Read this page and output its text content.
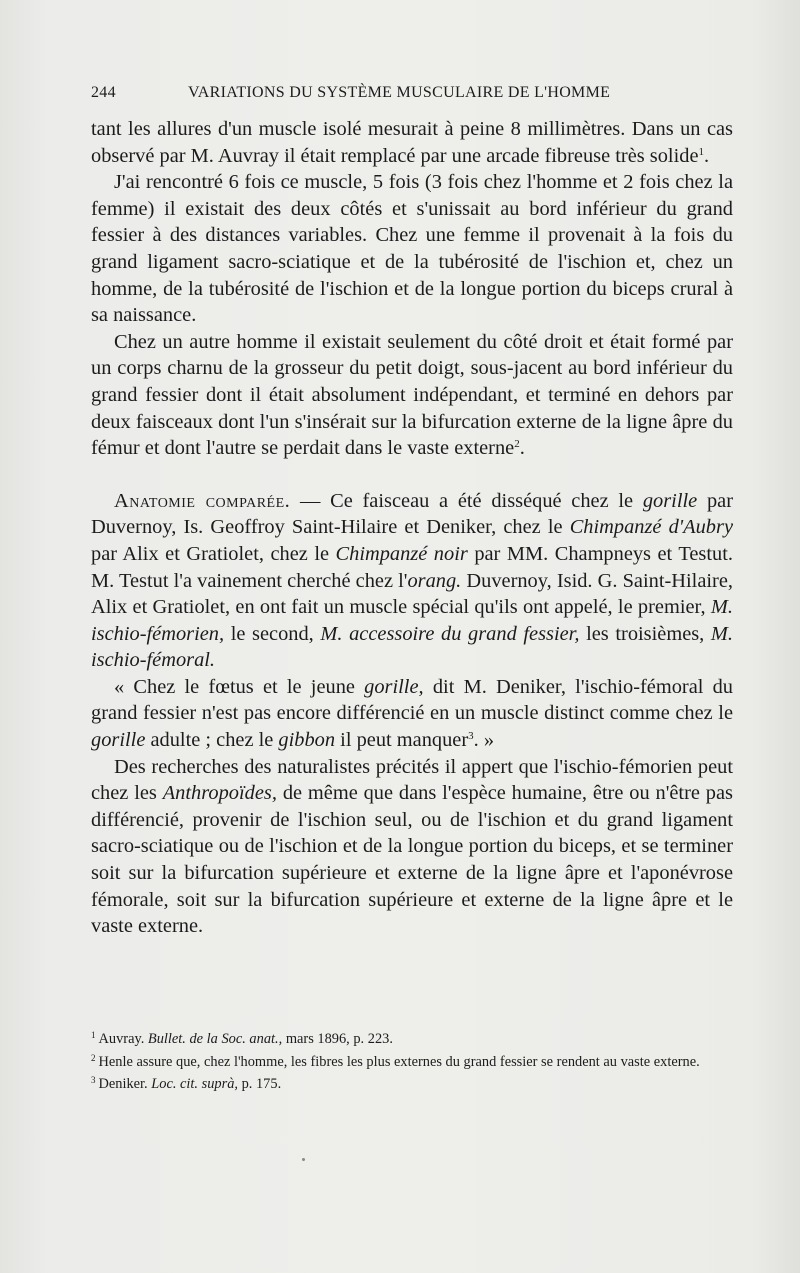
244	VARIATIONS DU SYSTÈME MUSCULAIRE DE L'HOMME

tant les allures d'un muscle isolé mesurait à peine 8 millimètres. Dans un cas observé par M. Auvray il était remplacé par une arcade fibreuse très solide$^1$.

J'ai rencontré 6 fois ce muscle, 5 fois (3 fois chez l'homme et 2 fois chez la femme) il existait des deux côtés et s'unissait au bord inférieur du grand fessier à des distances variables. Chez une femme il provenait à la fois du grand ligament sacro-sciatique et de la tubérosité de l'ischion et, chez un homme, de la tubérosité de l'ischion et de la longue portion du biceps crural à sa naissance.

Chez un autre homme il existait seulement du côté droit et était formé par un corps charnu de la grosseur du petit doigt, sous-jacent au bord inférieur du grand fessier dont il était absolument indépendant, et terminé en dehors par deux faisceaux dont l'un s'insérait sur la bifurcation externe de la ligne âpre du fémur et dont l'autre se perdait dans le vaste externe$^2$.

Anatomie comparée. — Ce faisceau a été disséqué chez le gorille par Duvernoy, Is. Geoffroy Saint-Hilaire et Deniker, chez le Chimpanzé d'Aubry par Alix et Gratiolet, chez le Chimpanzé noir par MM. Champneys et Testut. M. Testut l'a vainement cherché chez l'orang. Duvernoy, Isid. G. Saint-Hilaire, Alix et Gratiolet, en ont fait un muscle spécial qu'ils ont appelé, le premier, M. ischio-fémorien, le second, M. accessoire du grand fessier, les troisièmes, M. ischio-fémoral.

« Chez le fœtus et le jeune gorille, dit M. Deniker, l'ischio-fémoral du grand fessier n'est pas encore différencié en un muscle distinct comme chez le gorille adulte ; chez le gibbon il peut manquer$^3$. »

Des recherches des naturalistes précités il appert que l'ischio-fémorien peut chez les Anthropoïdes, de même que dans l'espèce humaine, être ou n'être pas différencié, provenir de l'ischion seul, ou de l'ischion et du grand ligament sacro-sciatique ou de l'ischion et de la longue portion du biceps, et se terminer soit sur la bifurcation supérieure et externe de la ligne âpre et l'aponévrose fémorale, soit sur la bifurcation supérieure et externe de la ligne âpre et le vaste externe.

$^1$ Auvray. Bullet. de la Soc. anat., mars 1896, p. 223.

$^2$ Henle assure que, chez l'homme, les fibres les plus externes du grand fessier se rendent au vaste externe.

$^3$ Deniker. Loc. cit. suprà, p. 175.
